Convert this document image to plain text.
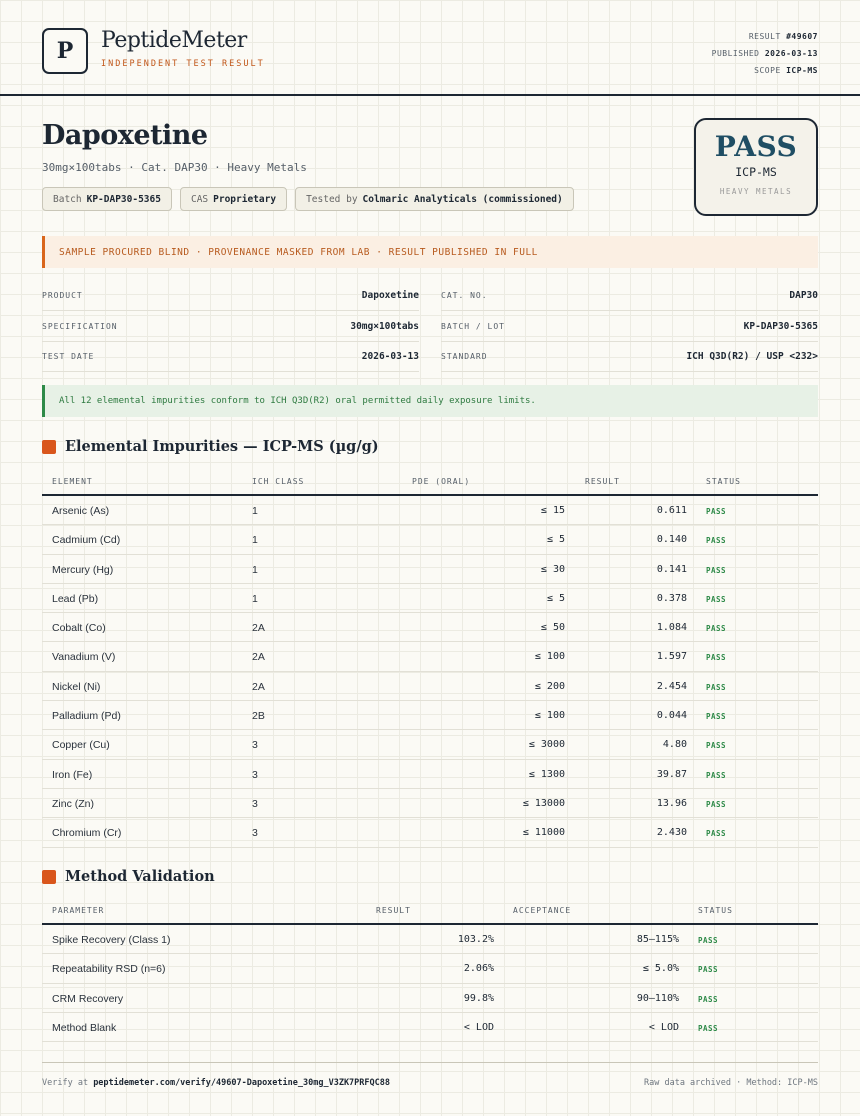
P	PeptideMeter
INDEPENDENT TEST RESULT
RESULT #49607
PUBLISHED 2026-03-13
SCOPE ICP-MS
Dapoxetine
30mg×100tabs · Cat. DAP30 · Heavy Metals
Batch KP-DAP30-5365	CAS Proprietary	Tested by Colmaric Analyticals (commissioned)
PASS
ICP-MS
HEAVY METALS
SAMPLE PROCURED BLIND · PROVENANCE MASKED FROM LAB · RESULT PUBLISHED IN FULL
PRODUCT	Dapoxetine	CAT. NO.	DAP30
SPECIFICATION	30mg×100tabs	BATCH / LOT	KP-DAP30-5365
TEST DATE	2026-03-13	STANDARD	ICH Q3D(R2) / USP <232>
All 12 elemental impurities conform to ICH Q3D(R2) oral permitted daily exposure limits.
Elemental Impurities — ICP-MS (µg/g)
ELEMENT	ICH CLASS	PDE (ORAL)	RESULT	STATUS
Arsenic (As)	1	≤ 15	0.611	PASS
Cadmium (Cd)	1	≤ 5	0.140	PASS
Mercury (Hg)	1	≤ 30	0.141	PASS
Lead (Pb)	1	≤ 5	0.378	PASS
Cobalt (Co)	2A	≤ 50	1.084	PASS
Vanadium (V)	2A	≤ 100	1.597	PASS
Nickel (Ni)	2A	≤ 200	2.454	PASS
Palladium (Pd)	2B	≤ 100	0.044	PASS
Copper (Cu)	3	≤ 3000	4.80	PASS
Iron (Fe)	3	≤ 1300	39.87	PASS
Zinc (Zn)	3	≤ 13000	13.96	PASS
Chromium (Cr)	3	≤ 11000	2.430	PASS
Method Validation
PARAMETER	RESULT	ACCEPTANCE	STATUS
Spike Recovery (Class 1)	103.2%	85–115%	PASS
Repeatability RSD (n=6)	2.06%	≤ 5.0%	PASS
CRM Recovery	99.8%	90–110%	PASS
Method Blank	< LOD	< LOD	PASS
Verify at peptidemeter.com/verify/49607-Dapoxetine_30mg_V3ZK7PRFQC88	Raw data archived · Method: ICP-MS
